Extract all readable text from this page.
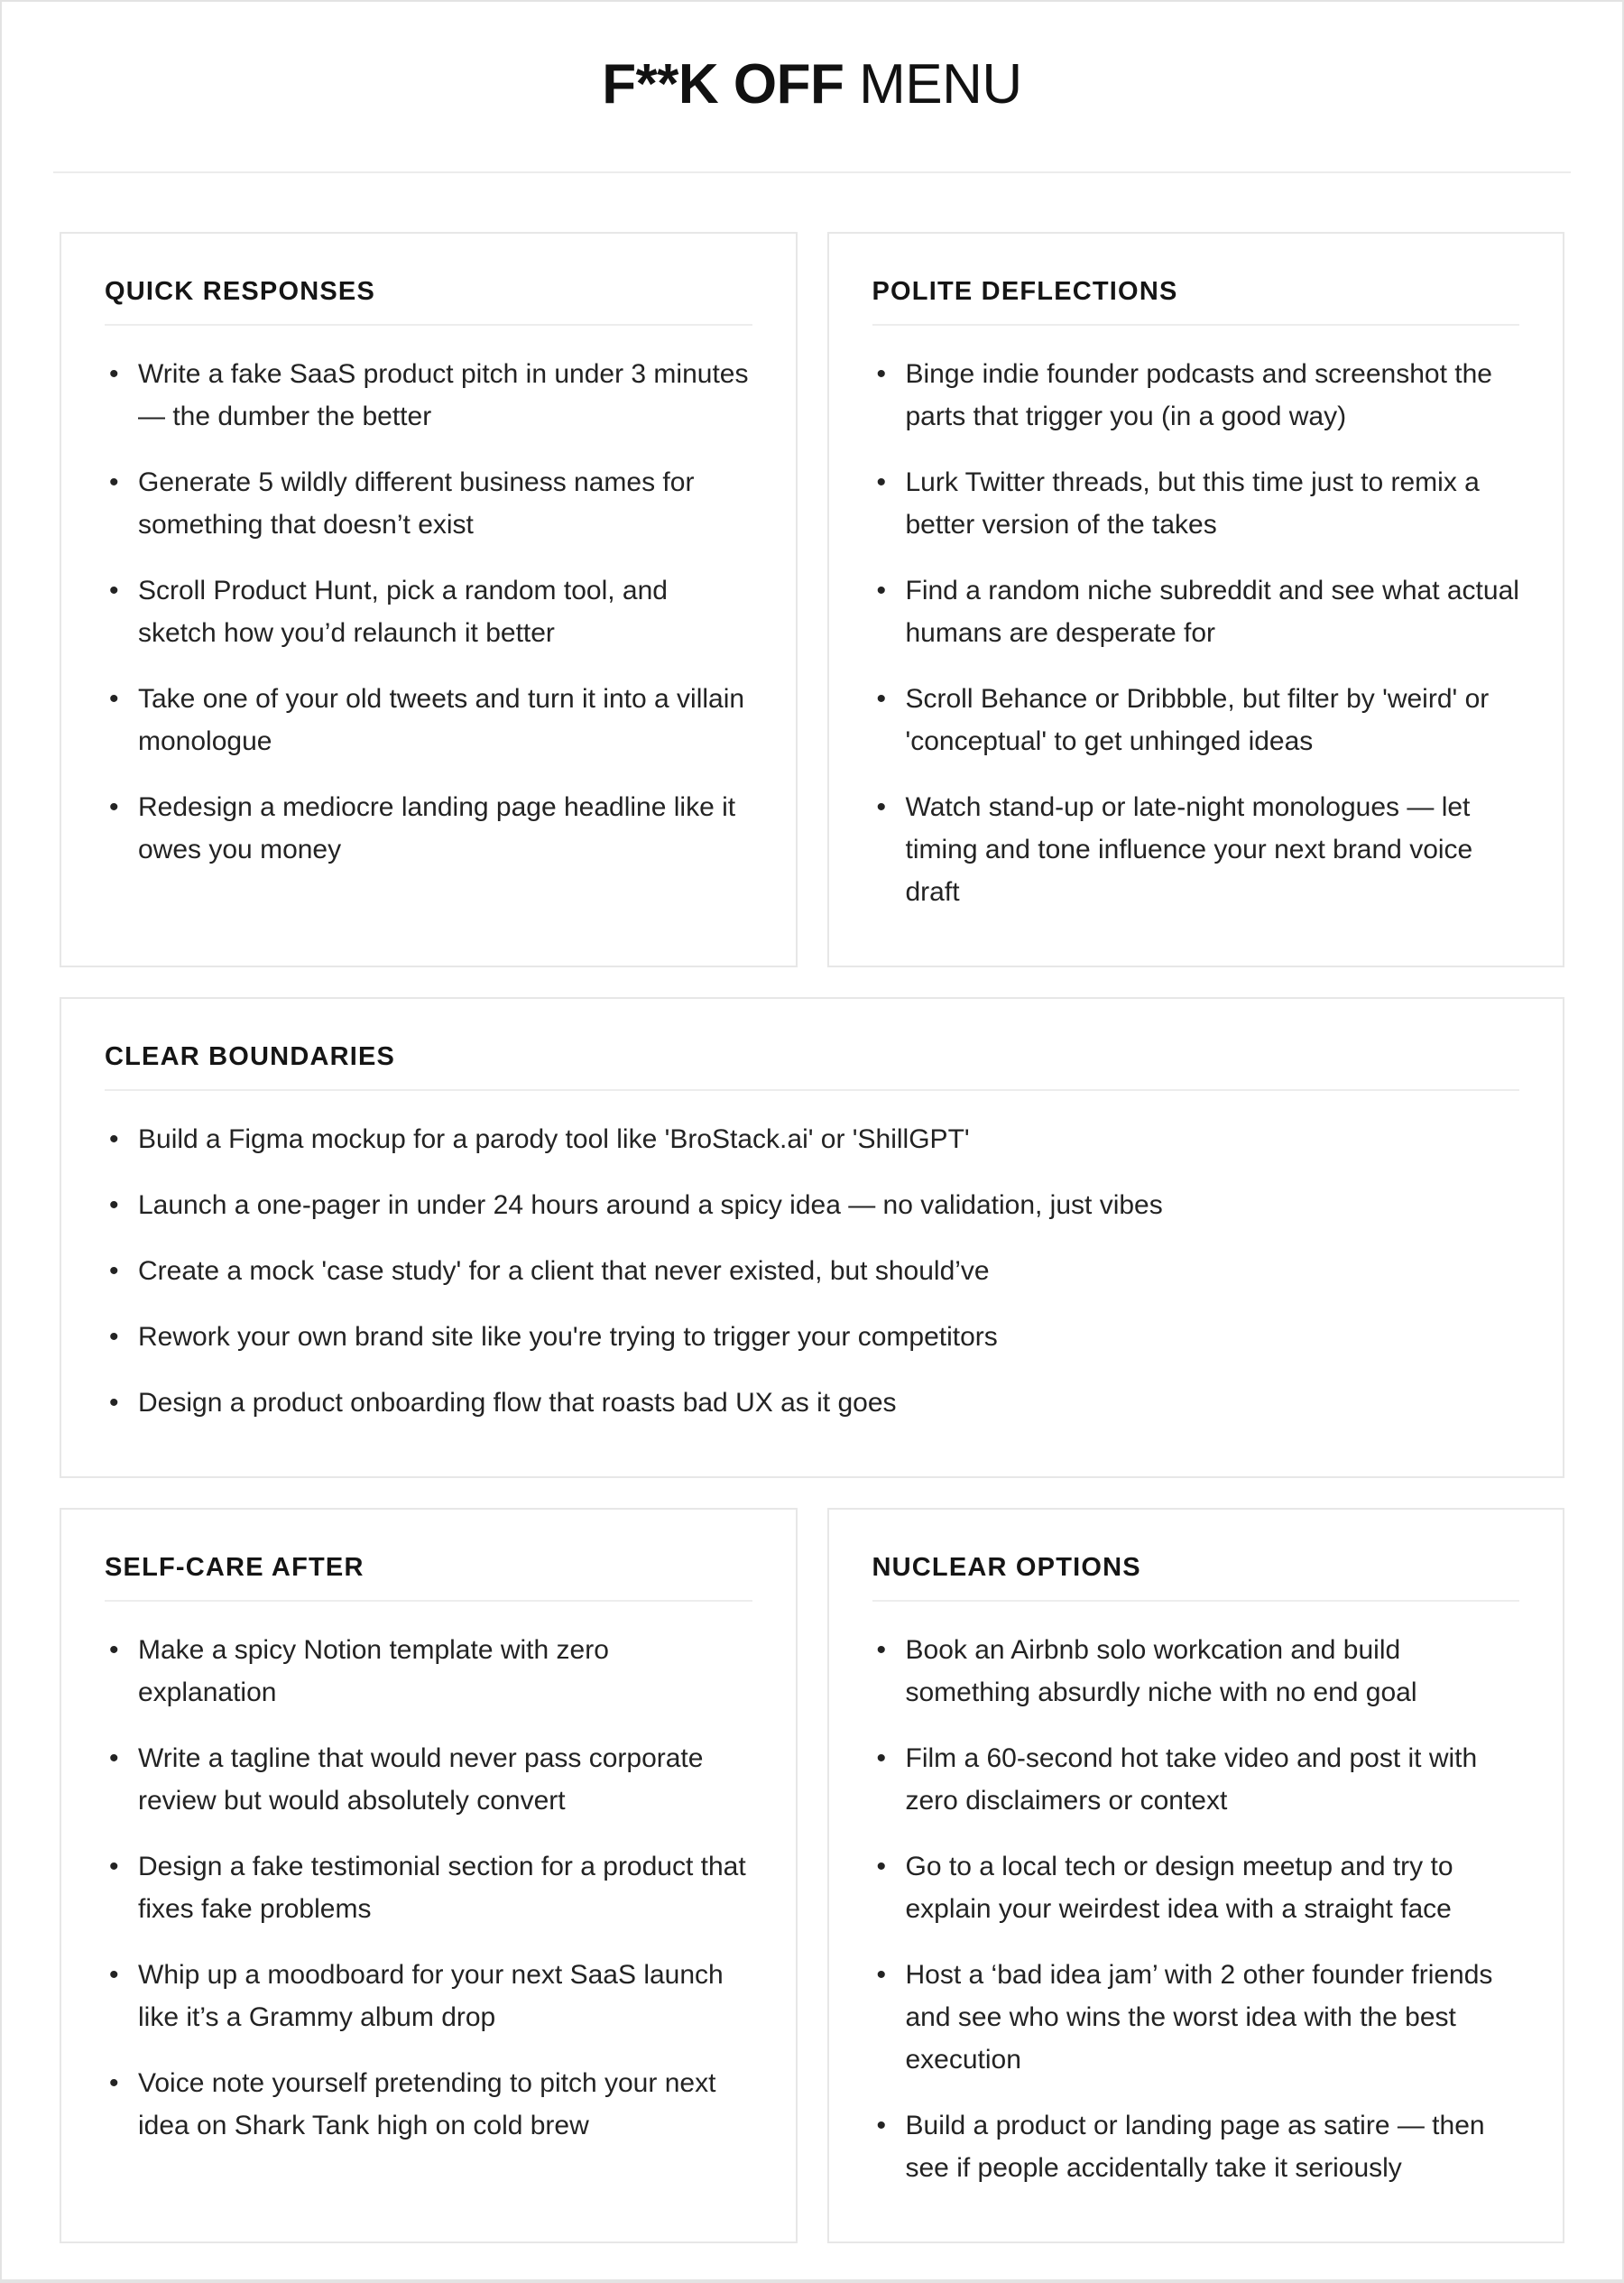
F**K OFF MENU
QUICK RESPONSES
• Write a fake SaaS product pitch in under 3 minutes — the dumber the better
• Generate 5 wildly different business names for something that doesn’t exist
• Scroll Product Hunt, pick a random tool, and sketch how you’d relaunch it better
• Take one of your old tweets and turn it into a villain monologue
• Redesign a mediocre landing page headline like it owes you money
POLITE DEFLECTIONS
• Binge indie founder podcasts and screenshot the parts that trigger you (in a good way)
• Lurk Twitter threads, but this time just to remix a better version of the takes
• Find a random niche subreddit and see what actual humans are desperate for
• Scroll Behance or Dribbble, but filter by 'weird' or 'conceptual' to get unhinged ideas
• Watch stand-up or late-night monologues — let timing and tone influence your next brand voice draft
CLEAR BOUNDARIES
• Build a Figma mockup for a parody tool like 'BroStack.ai' or 'ShillGPT'
• Launch a one-pager in under 24 hours around a spicy idea — no validation, just vibes
• Create a mock 'case study' for a client that never existed, but should’ve
• Rework your own brand site like you're trying to trigger your competitors
• Design a product onboarding flow that roasts bad UX as it goes
SELF-CARE AFTER
• Make a spicy Notion template with zero explanation
• Write a tagline that would never pass corporate review but would absolutely convert
• Design a fake testimonial section for a product that fixes fake problems
• Whip up a moodboard for your next SaaS launch like it’s a Grammy album drop
• Voice note yourself pretending to pitch your next idea on Shark Tank high on cold brew
NUCLEAR OPTIONS
• Book an Airbnb solo workcation and build something absurdly niche with no end goal
• Film a 60-second hot take video and post it with zero disclaimers or context
• Go to a local tech or design meetup and try to explain your weirdest idea with a straight face
• Host a ‘bad idea jam’ with 2 other founder friends and see who wins the worst idea with the best execution
• Build a product or landing page as satire — then see if people accidentally take it seriously
